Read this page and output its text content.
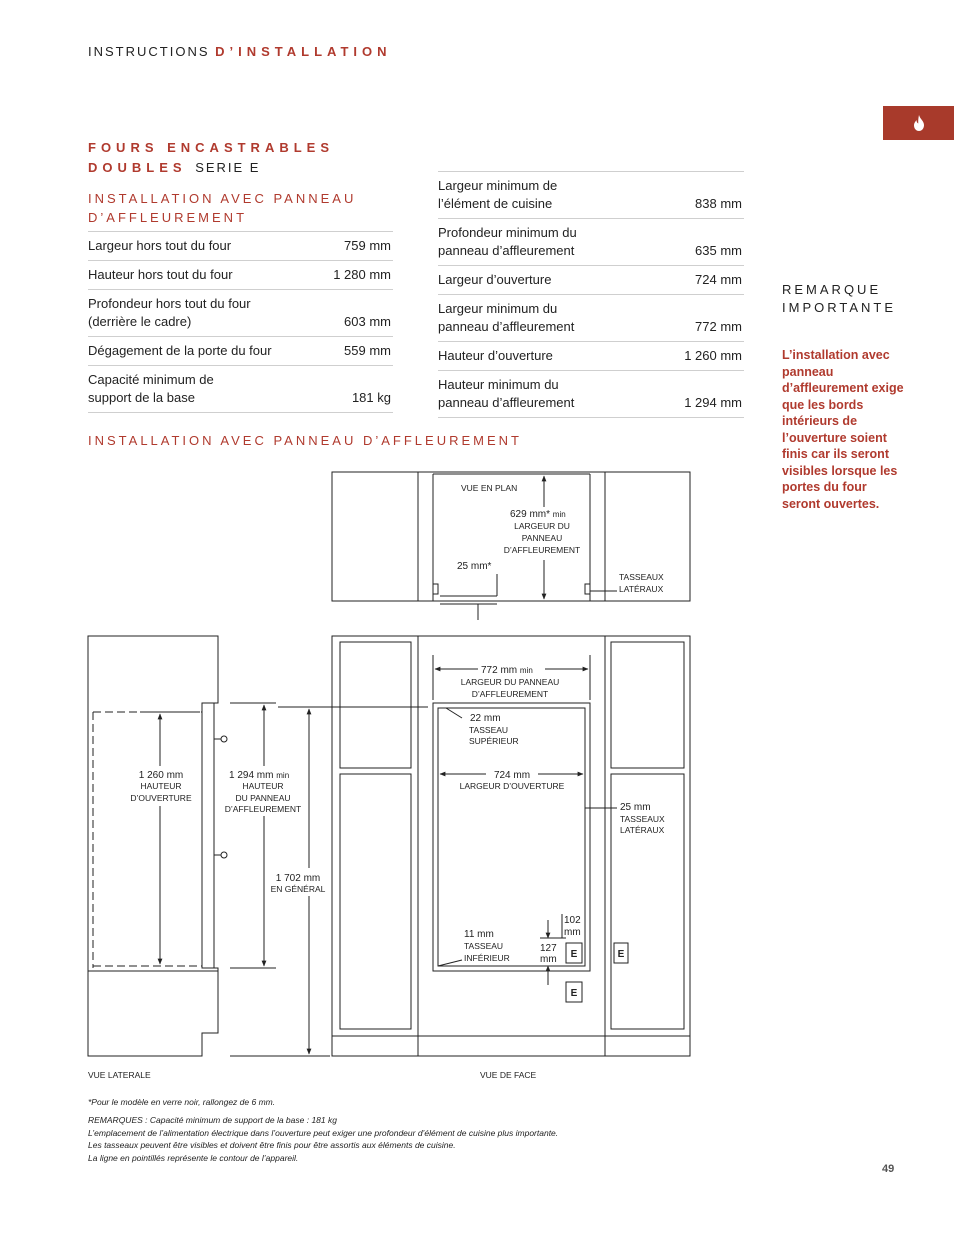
INSTRUCTIONS D’INSTALLATION
FOURS ENCASTRABLES
DOUBLES SERIE E
INSTALLATION AVEC PANNEAU
D’AFFLEUREMENT
Largeur hors tout du four	759 mm
Hauteur hors tout du four	1 280 mm
Profondeur hors tout du four
(derrière le cadre)	603 mm
Dégagement de la porte du four	559 mm
Capacité minimum de
support de la base	181 kg
Largeur minimum de
l’élément de cuisine	838 mm
Profondeur minimum du
panneau d’affleurement	635 mm
Largeur d’ouverture	724 mm
Largeur minimum du
panneau d’affleurement	772 mm
Hauteur d’ouverture	1 260 mm
Hauteur minimum du
panneau d’affleurement	1 294 mm
REMARQUE
IMPORTANTE
L’installation avec panneau d’affleurement exige que les bords intérieurs de l’ouverture soient finis car ils seront visibles lorsque les portes du four seront ouvertes.
INSTALLATION AVEC PANNEAU D’AFFLEUREMENT
VUE EN PLAN
629 mm* min
LARGEUR DU
PANNEAU
D’AFFLEUREMENT
25 mm*
TASSEAUX
LATÉRAUX
1 260 mm
HAUTEUR
D’OUVERTURE
1 294 mm min
HAUTEUR
DU PANNEAU
D’AFFLEUREMENT
1 702 mm
EN GÉNÉRAL
VUE LATERALE
772 mm min
LARGEUR DU PANNEAU
D’AFFLEUREMENT
22 mm
TASSEAU
SUPÉRIEUR
724 mm
LARGEUR D’OUVERTURE
25 mm
TASSEAUX
LATÉRAUX
11 mm
TASSEAU
INFÉRIEUR
102
mm
127
mm E	E
E
VUE DE FACE
*Pour le modèle en verre noir, rallongez de 6 mm.
REMARQUES : Capacité minimum de support de la base : 181 kg
L’emplacement de l’alimentation électrique dans l’ouverture peut exiger une profondeur d’élément de cuisine plus importante.
Les tasseaux peuvent être visibles et doivent être finis pour être assortis aux éléments de cuisine.
La ligne en pointillés représente le contour de l’appareil.
49
